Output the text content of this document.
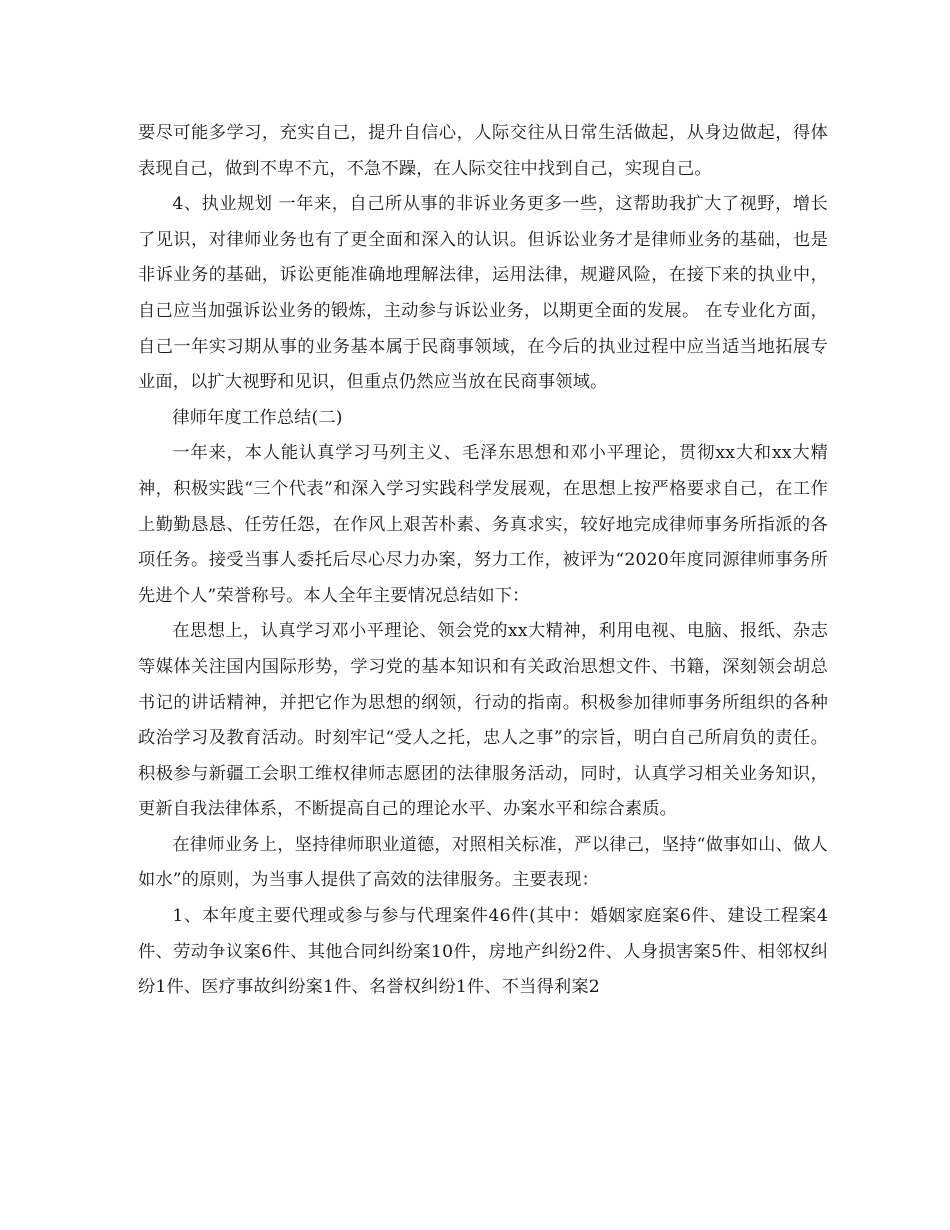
要尽可能多学习，充实自己，提升自信心，人际交往从日常生活做起，从身边做起，得体表现自己，做到不卑不亢，不急不躁，在人际交往中找到自己，实现自己。

4、执业规划 一年来，自己所从事的非诉业务更多一些，这帮助我扩大了视野，增长了见识，对律师业务也有了更全面和深入的认识。但诉讼业务才是律师业务的基础，也是非诉业务的基础，诉讼更能准确地理解法律，运用法律，规避风险，在接下来的执业中，自己应当加强诉讼业务的锻炼，主动参与诉讼业务，以期更全面的发展。 在专业化方面，自己一年实习期从事的业务基本属于民商事领域，在今后的执业过程中应当适当地拓展专业面，以扩大视野和见识，但重点仍然应当放在民商事领域。

律师年度工作总结(二)

一年来，本人能认真学习马列主义、毛泽东思想和邓小平理论，贯彻xx大和xx大精神，积极实践“三个代表”和深入学习实践科学发展观，在思想上按严格要求自己，在工作上勤勤恳恳、任劳任怨，在作风上艰苦朴素、务真求实，较好地完成律师事务所指派的各项任务。接受当事人委托后尽心尽力办案，努力工作，被评为“2020年度同源律师事务所先进个人”荣誉称号。本人全年主要情况总结如下：

在思想上，认真学习邓小平理论、领会党的xx大精神，利用电视、电脑、报纸、杂志等媒体关注国内国际形势，学习党的基本知识和有关政治思想文件、书籍，深刻领会胡总书记的讲话精神，并把它作为思想的纲领，行动的指南。积极参加律师事务所组织的各种政治学习及教育活动。时刻牢记“受人之托，忠人之事”的宗旨，明白自己所肩负的责任。积极参与新疆工会职工维权律师志愿团的法律服务活动，同时，认真学习相关业务知识，更新自我法律体系，不断提高自己的理论水平、办案水平和综合素质。

在律师业务上，坚持律师职业道德，对照相关标准，严以律己，坚持“做事如山、做人如水”的原则，为当事人提供了高效的法律服务。主要表现：

1、本年度主要代理或参与参与代理案件46件(其中：婚姻家庭案6件、建设工程案4件、劳动争议案6件、其他合同纠纷案10件，房地产纠纷2件、人身损害案5件、相邻权纠纷1件、医疗事故纠纷案1件、名誉权纠纷1件、不当得利案2
